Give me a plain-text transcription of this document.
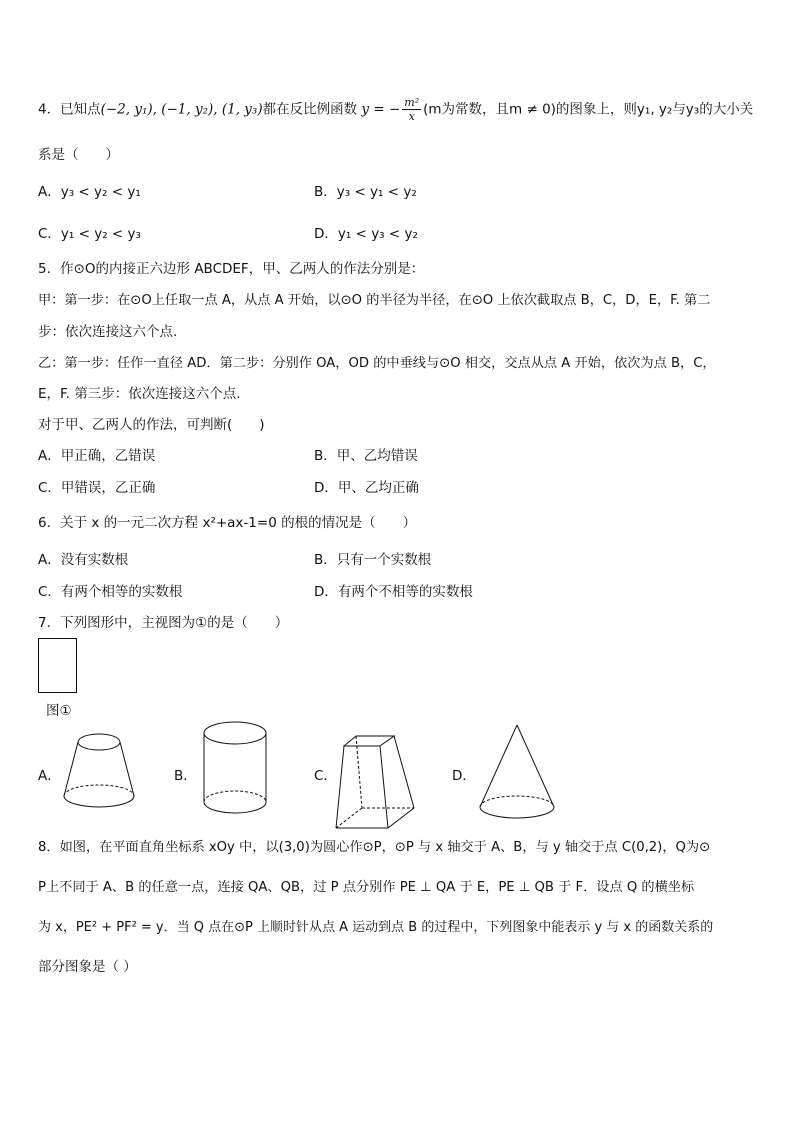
4．已知点(−2, y₁), (−1, y₂), (1, y₃)都在反比例函数 y = − $\frac{\text{m²}}{x} (m$为常数，且m ≠ 0)的图象上，则y₁, y₂与y₃的大小关
系是（　　）
A．y₃ < y₂ < y₁	B．y₃ < y₁ < y₂
C．y₁ < y₂ < y₃	D．y₁ < y₃ < y₂
5．作⊙O的内接正六边形 ABCDEF，甲、乙两人的作法分别是：
甲：第一步：在⊙O上任取一点 A，从点 A 开始，以⊙O 的半径为半径，在⊙O 上依次截取点 B，C，D，E，F. 第二
步：依次连接这六个点.
乙：第一步：任作一直径 AD．第二步：分别作 OA，OD 的中垂线与⊙O 相交，交点从点 A 开始，依次为点 B，C，
E，F. 第三步：依次连接这六个点.
对于甲、乙两人的作法，可判断(　　)
A．甲正确，乙错误	B．甲、乙均错误
C．甲错误，乙正确	D．甲、乙均正确
6．关于 x 的一元二次方程 x²+ax-1=0 的根的情况是（　　）
A．没有实数根	B．只有一个实数根
C．有两个相等的实数根	D．有两个不相等的实数根
7．下列图形中，主视图为①的是（　　）
图①
A．	B．	C．	D．
8．如图，在平面直角坐标系 xOy 中，以(3,0)为圆心作⊙P，⊙P 与 x 轴交于 A、B，与 y 轴交于点 C(0,2)，Q为⊙
P上不同于 A、B 的任意一点，连接 QA、QB，过 P 点分别作 PE ⊥ QA 于 E，PE ⊥ QB 于 F．设点 Q 的横坐标
为 x，PE² + PF² = y．当 Q 点在⊙P 上顺时针从点 A 运动到点 B 的过程中，下列图象中能表示 y 与 x 的函数关系的
部分图象是（ ）
